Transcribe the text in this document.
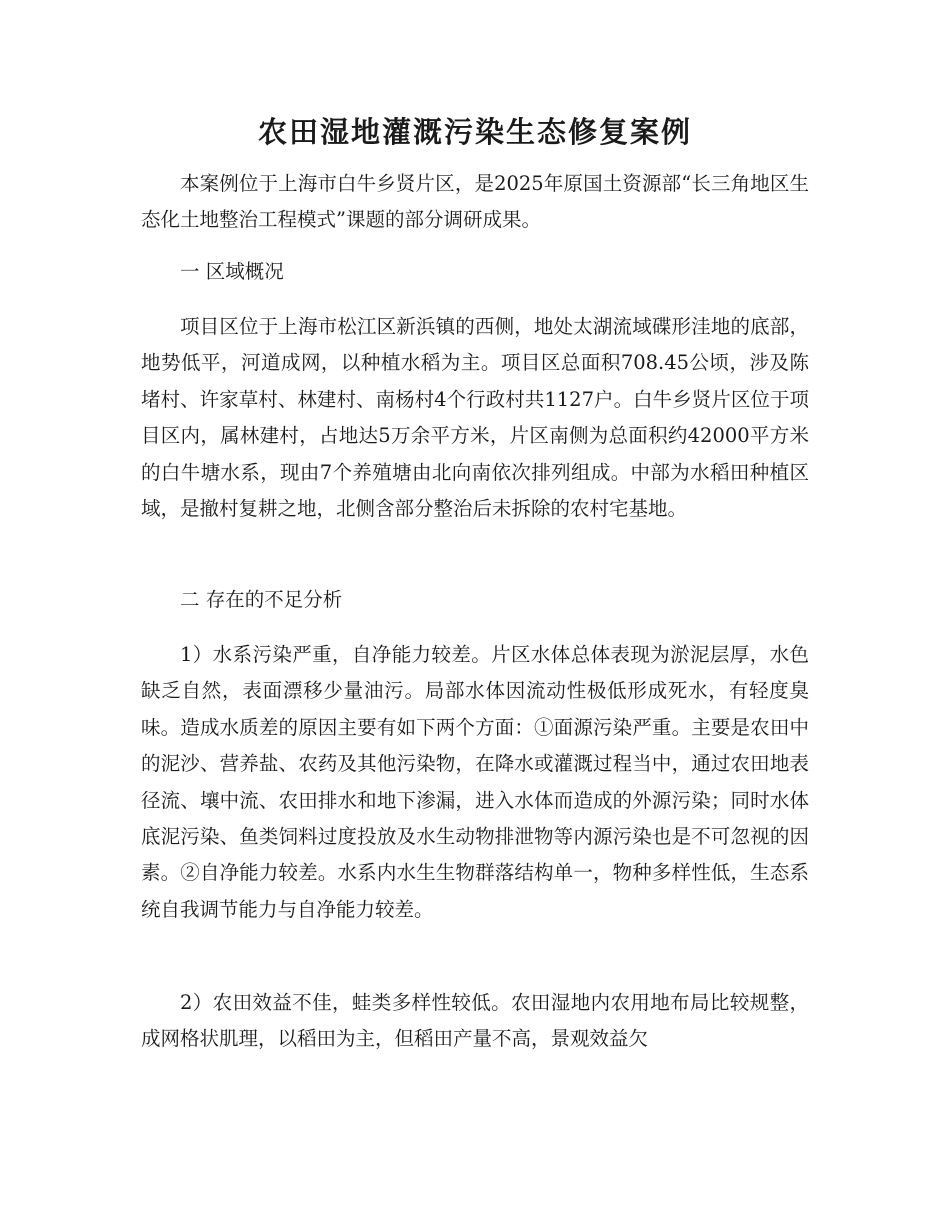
农田湿地灌溉污染生态修复案例

本案例位于上海市白牛乡贤片区，是2025年原国土资源部“长三角地区生态化土地整治工程模式”课题的部分调研成果。

一 区域概况

项目区位于上海市松江区新浜镇的西侧，地处太湖流域碟形洼地的底部，地势低平，河道成网，以种植水稻为主。项目区总面积708.45公顷，涉及陈堵村、许家草村、林建村、南杨村4个行政村共1127户。白牛乡贤片区位于项目区内，属林建村，占地达5万余平方米，片区南侧为总面积约42000平方米的白牛塘水系，现由7个养殖塘由北向南依次排列组成。中部为水稻田种植区域，是撤村复耕之地，北侧含部分整治后未拆除的农村宅基地。

二 存在的不足分析

1）水系污染严重，自净能力较差。片区水体总体表现为淤泥层厚，水色缺乏自然，表面漂移少量油污。局部水体因流动性极低形成死水，有轻度臭味。造成水质差的原因主要有如下两个方面：①面源污染严重。主要是农田中的泥沙、营养盐、农药及其他污染物，在降水或灌溉过程当中，通过农田地表径流、壤中流、农田排水和地下渗漏，进入水体而造成的外源污染；同时水体底泥污染、鱼类饲料过度投放及水生动物排泄物等内源污染也是不可忽视的因素。②自净能力较差。水系内水生生物群落结构单一，物种多样性低，生态系统自我调节能力与自净能力较差。

2）农田效益不佳，蛙类多样性较低。农田湿地内农用地布局比较规整，成网格状肌理，以稻田为主，但稻田产量不高，景观效益欠
